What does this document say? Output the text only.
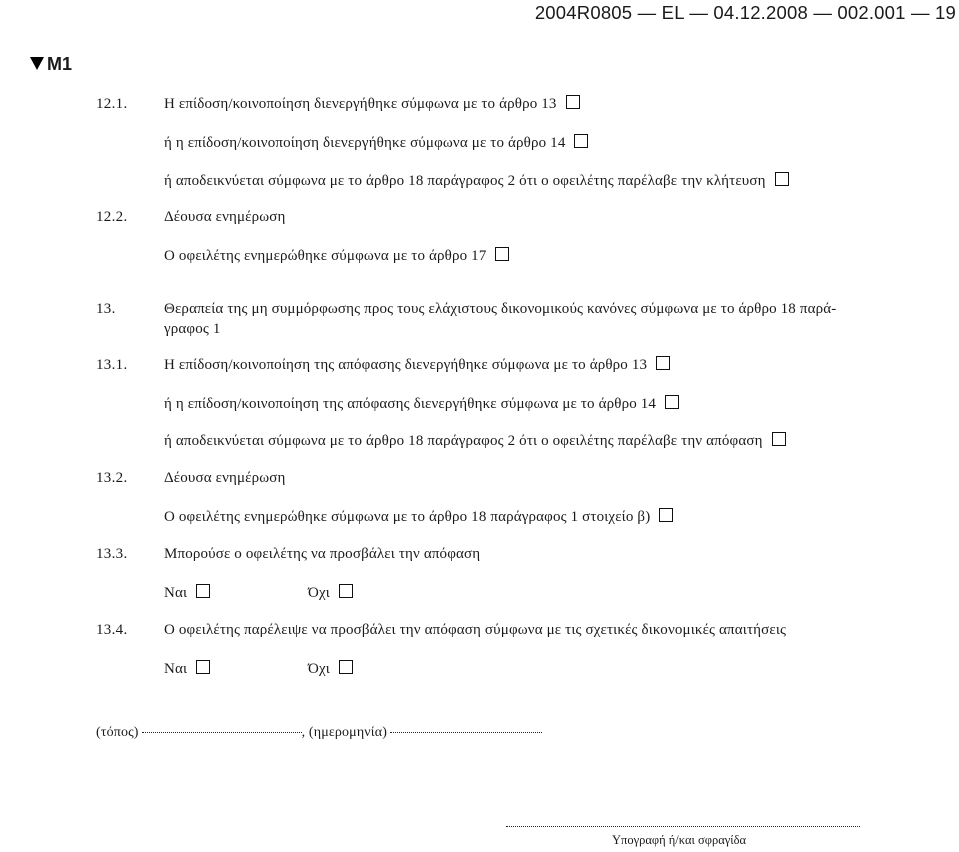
2004R0805 — EL — 04.12.2008 — 002.001 — 19
M1
12.1. Η επίδοση/κοινοποίηση διενεργήθηκε σύμφωνα με το άρθρο 13
ή η επίδοση/κοινοποίηση διενεργήθηκε σύμφωνα με το άρθρο 14
ή αποδεικνύεται σύμφωνα με το άρθρο 18 παράγραφος 2 ότι ο οφειλέτης παρέλαβε την κλήτευση
12.2. Δέουσα ενημέρωση
Ο οφειλέτης ενημερώθηκε σύμφωνα με το άρθρο 17
13.	Θεραπεία της μη συμμόρφωσης προς τους ελάχιστους δικονομικούς κανόνες σύμφωνα με το άρθρο 18 παρά-
γραφος 1
13.1. Η επίδοση/κοινοποίηση της απόφασης διενεργήθηκε σύμφωνα με το άρθρο 13
ή η επίδοση/κοινοποίηση της απόφασης διενεργήθηκε σύμφωνα με το άρθρο 14
ή αποδεικνύεται σύμφωνα με το άρθρο 18 παράγραφος 2 ότι ο οφειλέτης παρέλαβε την απόφαση
13.2. Δέουσα ενημέρωση
Ο οφειλέτης ενημερώθηκε σύμφωνα με το άρθρο 18 παράγραφος 1 στοιχείο β)
13.3. Μπορούσε ο οφειλέτης να προσβάλει την απόφαση
Ναι	Όχι
13.4. Ο οφειλέτης παρέλειψε να προσβάλει την απόφαση σύμφωνα με τις σχετικές δικονομικές απαιτήσεις
Ναι	Όχι
(τόπος)	, (ημερομηνία)
Υπογραφή ή/και σφραγίδα
